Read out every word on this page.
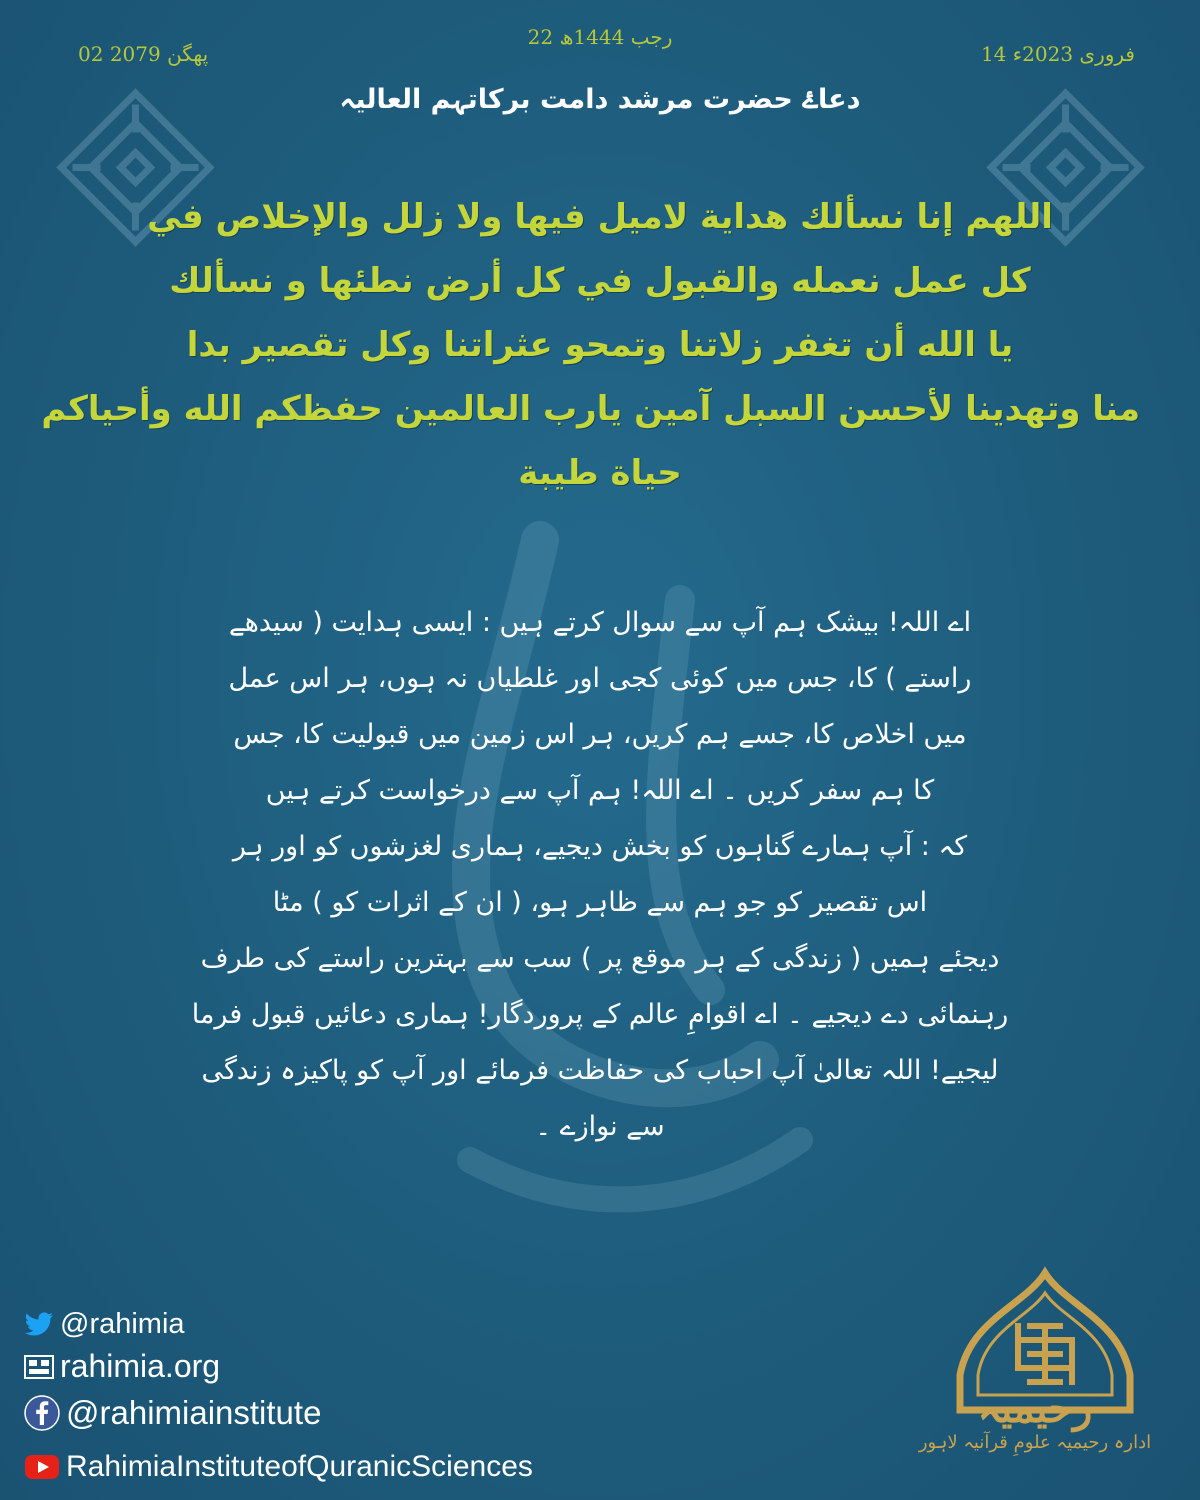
02 پھگن 2079
22 رجب 1444ھ
14 فروری 2023ء
دعاۓ حضرت مرشد دامت برکاتہم العالیہ
اللهم إنا نسألك هداية لاميل فيها ولا زلل والإخلاص في
كل عمل نعمله والقبول في كل أرض نطئها و نسألك
يا الله أن تغفر زلاتنا وتمحو عثراتنا وكل تقصير بدا
منا وتهدينا لأحسن السبل آمين يارب العالمين حفظكم الله وأحياكم
حياة طيبة
اے اللہ! بیشک ہم آپ سے سوال کرتے ہیں : ایسی ہدایت ( سیدھے
راستے ) کا، جس میں کوئی کجی اور غلطیاں نہ ہوں، ہر اس عمل
میں اخلاص کا، جسے ہم کریں، ہر اس زمین میں قبولیت کا، جس
کا ہم سفر کریں ۔ اے اللہ! ہم آپ سے درخواست کرتے ہیں
کہ : آپ ہمارے گناہوں کو بخش دیجیے، ہماری لغزشوں کو اور ہر
اس تقصیر کو جو ہم سے ظاہر ہو، ( ان کے اثرات کو ) مٹا
دیجئے ہمیں ( زندگی کے ہر موقع پر ) سب سے بہترین راستے کی طرف
رہنمائی دے دیجیے ۔ اے اقوامِ عالم کے پروردگار! ہماری دعائیں قبول فرما
لیجیے! اللہ تعالیٰ آپ احباب کی حفاظت فرمائے اور آپ کو پاکیزہ زندگی
سے نوازے ۔
@rahimia
rahimia.org
@rahimiainstitute
RahimiaInstituteofQuranicSciences
رحیمیہ
ادارہ رحیمیہ علومِ قرآنیہ لاہور
